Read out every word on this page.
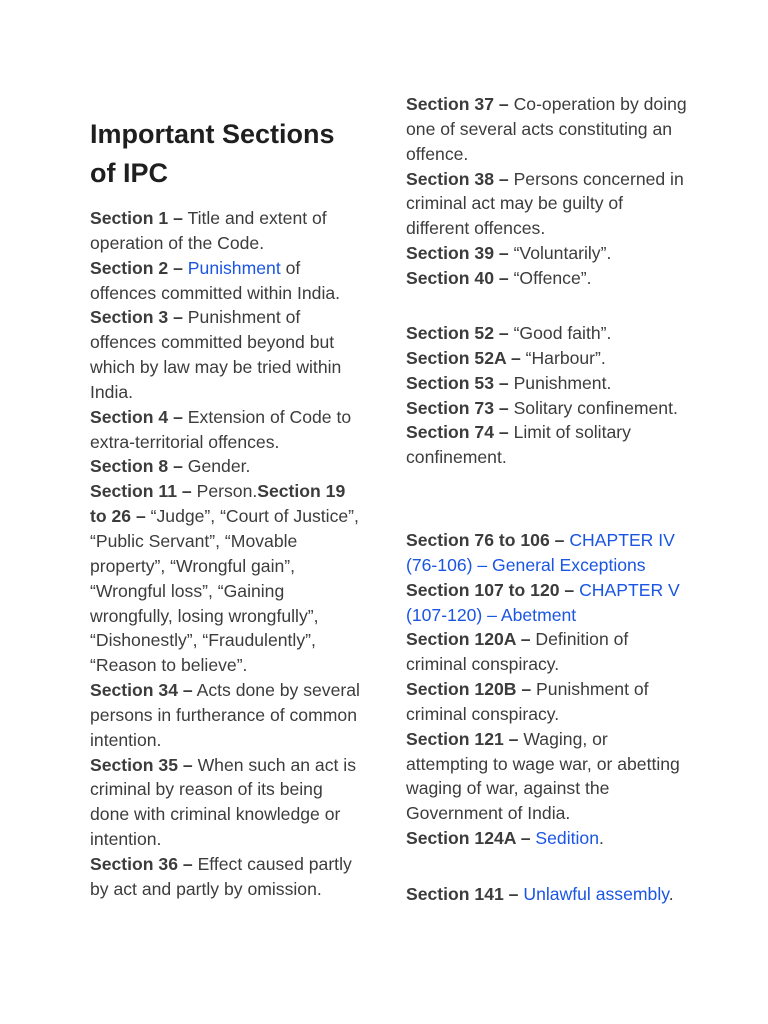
Important Sections of IPC
Section 1 – Title and extent of operation of the Code.
Section 2 – Punishment of offences committed within India.
Section 3 – Punishment of offences committed beyond but which by law may be tried within India.
Section 4 – Extension of Code to extra-territorial offences.
Section 8 – Gender.
Section 11 – Person.Section 19 to 26 – “Judge”, “Court of Justice”, “Public Servant”, “Movable property”, “Wrongful gain”, “Wrongful loss”, “Gaining wrongfully, losing wrongfully”, “Dishonestly”, “Fraudulently”, “Reason to believe”.
Section 34 – Acts done by several persons in furtherance of common intention.
Section 35 – When such an act is criminal by reason of its being done with criminal knowledge or intention.
Section 36 – Effect caused partly by act and partly by omission.
Section 37 – Co-operation by doing one of several acts constituting an offence.
Section 38 – Persons concerned in criminal act may be guilty of different offences.
Section 39 – “Voluntarily”.
Section 40 – “Offence”.
Section 52 – “Good faith”.
Section 52A – “Harbour”.
Section 53 – Punishment.
Section 73 – Solitary confinement.
Section 74 – Limit of solitary confinement.
Section 76 to 106 – CHAPTER IV (76-106) – General Exceptions
Section 107 to 120 – CHAPTER V (107-120) – Abetment
Section 120A – Definition of criminal conspiracy.
Section 120B – Punishment of criminal conspiracy.
Section 121 – Waging, or attempting to wage war, or abetting waging of war, against the Government of India.
Section 124A – Sedition.
Section 141 – Unlawful assembly.
